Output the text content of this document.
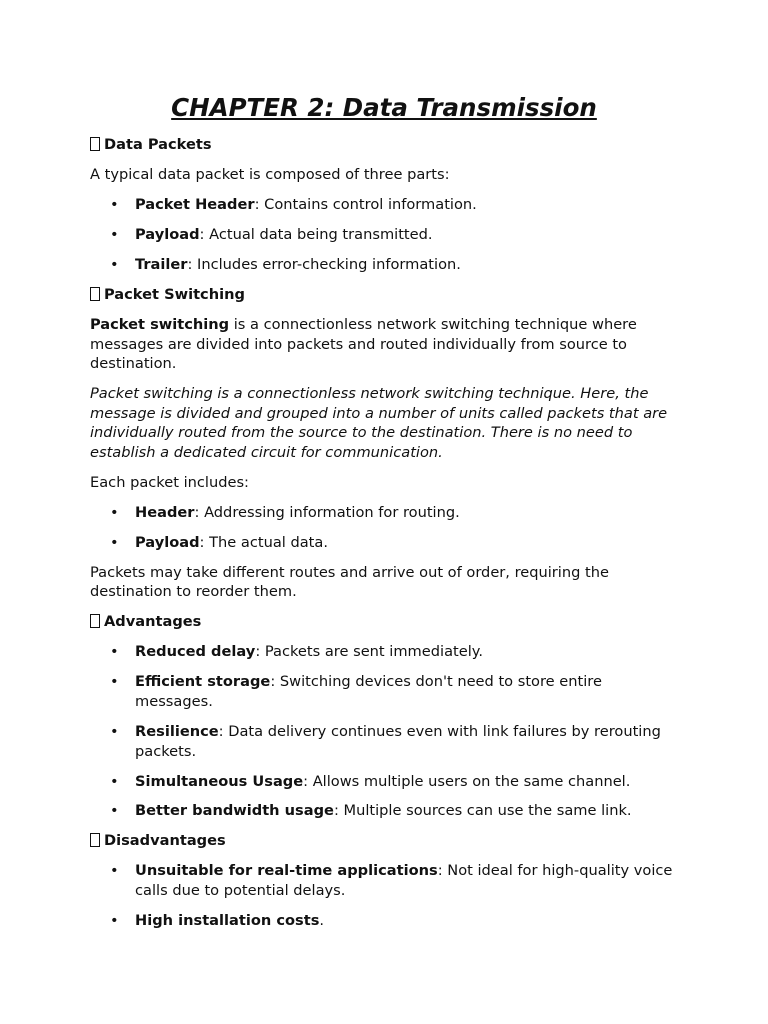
CHAPTER 2: Data Transmission
Data Packets

A typical data packet is composed of three parts:

• Packet Header: Contains control information.
• Payload: Actual data being transmitted.
• Trailer: Includes error-checking information.
Packet Switching

Packet switching is a connectionless network switching technique where messages are divided into packets and routed individually from source to destination.

Packet switching is a connectionless network switching technique. Here, the message is divided and grouped into a number of units called packets that are individually routed from the source to the destination. There is no need to establish a dedicated circuit for communication.

Each packet includes:

• Header: Addressing information for routing.
• Payload: The actual data.

Packets may take different routes and arrive out of order, requiring the destination to reorder them.

Advantages
• Reduced delay: Packets are sent immediately.
• Efficient storage: Switching devices don't need to store entire messages.
• Resilience: Data delivery continues even with link failures by rerouting packets.
• Simultaneous Usage: Allows multiple users on the same channel.
• Better bandwidth usage: Multiple sources can use the same link.
Disadvantages
• Unsuitable for real-time applications: Not ideal for high-quality voice calls due to potential delays.
• High installation costs.
